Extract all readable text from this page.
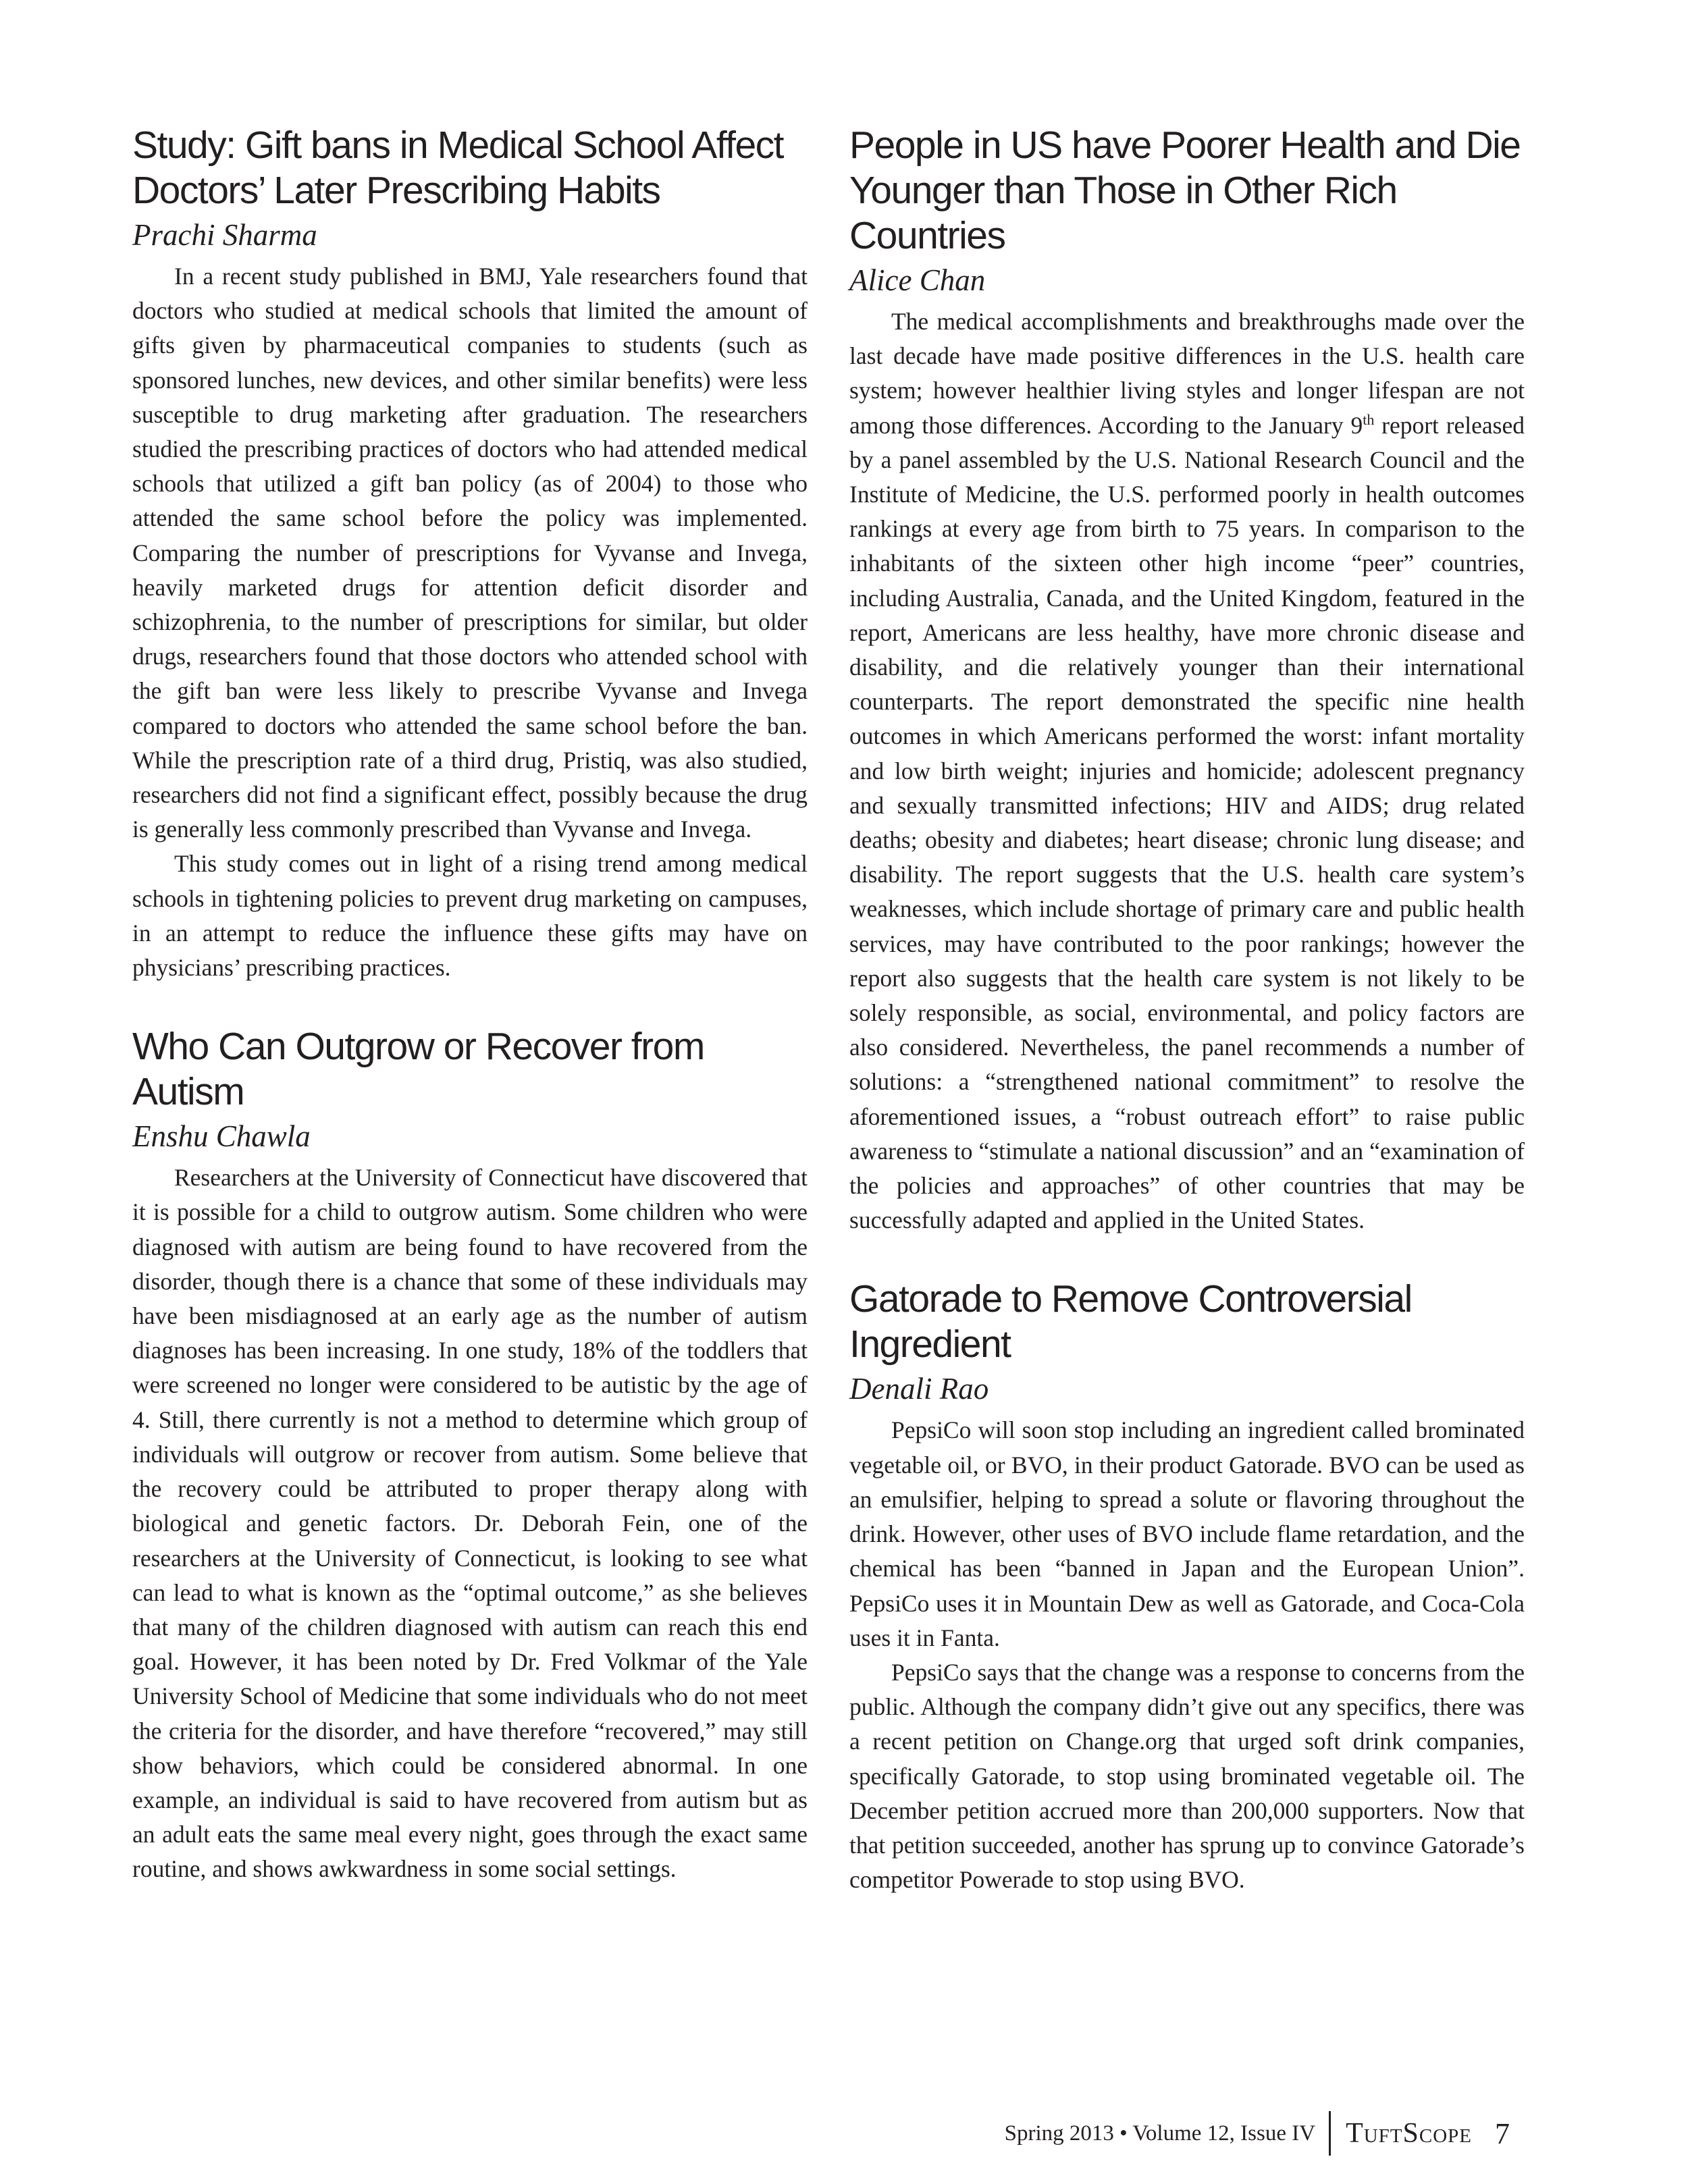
Study: Gift bans in Medical School Affect
Doctors’ Later Prescribing Habits
Prachi Sharma

In a recent study published in BMJ, Yale researchers found that doctors who studied at medical schools that limited the amount of gifts given by pharmaceutical companies to students (such as sponsored lunches, new devices, and other similar benefits) were less susceptible to drug marketing after graduation. The researchers studied the prescribing practices of doctors who had attended medical schools that utilized a gift ban policy (as of 2004) to those who attended the same school before the policy was implemented. Comparing the number of prescriptions for Vyvanse and Invega, heavily marketed drugs for attention deficit disorder and schizophrenia, to the number of prescriptions for similar, but older drugs, researchers found that those doctors who attended school with the gift ban were less likely to prescribe Vyvanse and Invega compared to doctors who attended the same school before the ban. While the prescription rate of a third drug, Pristiq, was also studied, researchers did not find a significant effect, possibly because the drug is generally less commonly prescribed than Vyvanse and Invega.

This study comes out in light of a rising trend among medical schools in tightening policies to prevent drug marketing on campuses, in an attempt to reduce the influence these gifts may have on physicians’ prescribing practices.

Who Can Outgrow or Recover from Autism
Enshu Chawla

Researchers at the University of Connecticut have discovered that it is possible for a child to outgrow autism. Some children who were diagnosed with autism are being found to have recovered from the disorder, though there is a chance that some of these individuals may have been misdiagnosed at an early age as the number of autism diagnoses has been increasing. In one study, 18% of the toddlers that were screened no longer were considered to be autistic by the age of 4. Still, there currently is not a method to determine which group of individuals will outgrow or recover from autism. Some believe that the recovery could be attributed to proper therapy along with biological and genetic factors. Dr. Deborah Fein, one of the researchers at the University of Connecticut, is looking to see what can lead to what is known as the “optimal outcome,” as she believes that many of the children diagnosed with autism can reach this end goal. However, it has been noted by Dr. Fred Volkmar of the Yale University School of Medicine that some individuals who do not meet the criteria for the disorder, and have therefore “recovered,” may still show behaviors, which could be considered abnormal. In one example, an individual is said to have recovered from autism but as an adult eats the same meal every night, goes through the exact same routine, and shows awkwardness in some social settings.

People in US have Poorer Health and Die
Younger than Those in Other Rich Countries
Alice Chan

The medical accomplishments and breakthroughs made over the last decade have made positive differences in the U.S. health care system; however healthier living styles and longer lifespan are not among those differences. According to the January 9th report released by a panel assembled by the U.S. National Research Council and the Institute of Medicine, the U.S. performed poorly in health outcomes rankings at every age from birth to 75 years. In comparison to the inhabitants of the sixteen other high income “peer” countries, including Australia, Canada, and the United Kingdom, featured in the report, Americans are less healthy, have more chronic disease and disability, and die relatively younger than their international counterparts. The report demonstrated the specific nine health outcomes in which Americans performed the worst: infant mortality and low birth weight; injuries and homicide; adolescent pregnancy and sexually transmitted infections; HIV and AIDS; drug related deaths; obesity and diabetes; heart disease; chronic lung disease; and disability. The report suggests that the U.S. health care system’s weaknesses, which include shortage of primary care and public health services, may have contributed to the poor rankings; however the report also suggests that the health care system is not likely to be solely responsible, as social, environmental, and policy factors are also considered. Nevertheless, the panel recommends a number of solutions: a “strengthened national commitment” to resolve the aforementioned issues, a “robust outreach effort” to raise public awareness to “stimulate a national discussion” and an “examination of the policies and approaches” of other countries that may be successfully adapted and applied in the United States.

Gatorade to Remove Controversial Ingredient
Denali Rao

PepsiCo will soon stop including an ingredient called brominated vegetable oil, or BVO, in their product Gatorade. BVO can be used as an emulsifier, helping to spread a solute or flavoring throughout the drink. However, other uses of BVO include flame retardation, and the chemical has been “banned in Japan and the European Union”. PepsiCo uses it in Mountain Dew as well as Gatorade, and Coca-Cola uses it in Fanta.

PepsiCo says that the change was a response to concerns from the public. Although the company didn’t give out any specifics, there was a recent petition on Change.org that urged soft drink companies, specifically Gatorade, to stop using brominated vegetable oil. The December petition accrued more than 200,000 supporters. Now that that petition succeeded, another has sprung up to convince Gatorade’s competitor Powerade to stop using BVO.

Spring 2013 • Volume 12, Issue IV	TuftScope 7
